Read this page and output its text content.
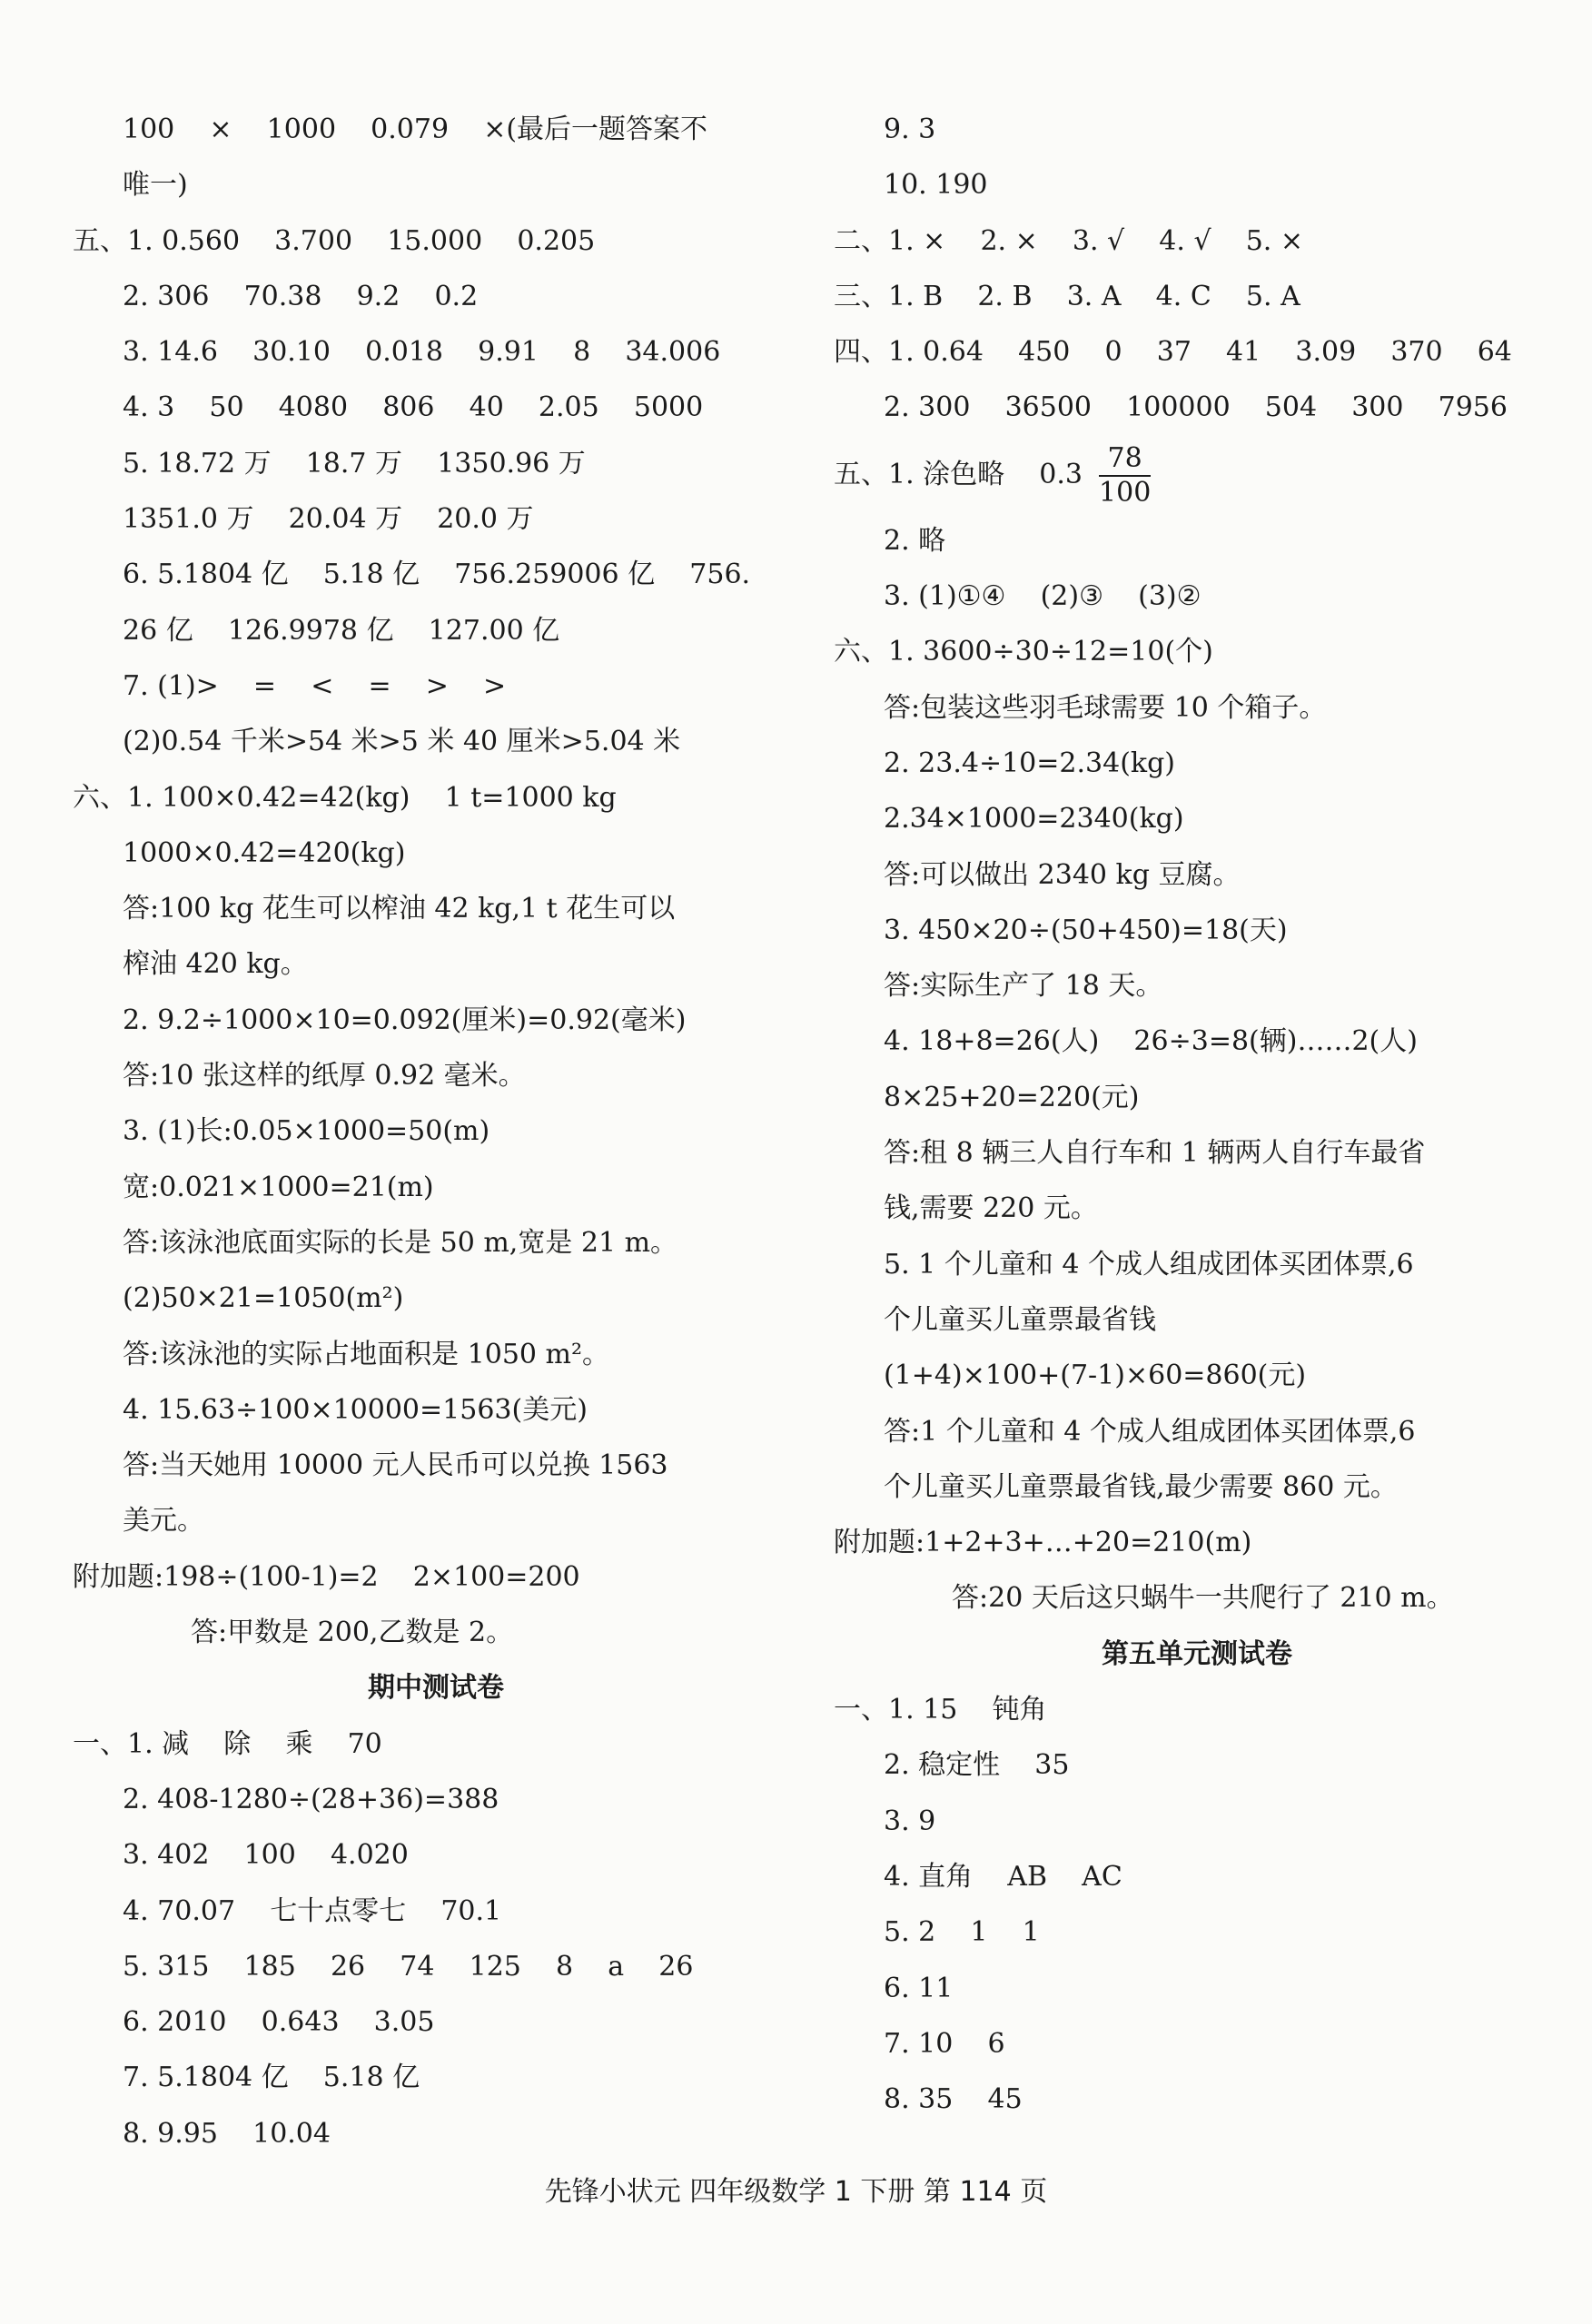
100    ×    1000    0.079    ×(最后一题答案不
唯一)
五、1. 0.560    3.700    15.000    0.205
2. 306    70.38    9.2    0.2
3. 14.6    30.10    0.018    9.91    8    34.006
4. 3    50    4080    806    40    2.05    5000
5. 18.72 万    18.7 万    1350.96 万
1351.0 万    20.04 万    20.0 万
6. 5.1804 亿    5.18 亿    756.259006 亿    756.
26 亿    126.9978 亿    127.00 亿
7. (1)>    =    <    =    >    >
(2)0.54 千米>54 米>5 米 40 厘米>5.04 米
六、1. 100×0.42=42(kg)    1 t=1000 kg
1000×0.42=420(kg)
答:100 kg 花生可以榨油 42 kg,1 t 花生可以
榨油 420 kg。
2. 9.2÷1000×10=0.092(厘米)=0.92(毫米)
答:10 张这样的纸厚 0.92 毫米。
3. (1)长:0.05×1000=50(m)
宽:0.021×1000=21(m)
答:该泳池底面实际的长是 50 m,宽是 21 m。
(2)50×21=1050(m²)
答:该泳池的实际占地面积是 1050 m²。
4. 15.63÷100×10000=1563(美元)
答:当天她用 10000 元人民币可以兑换 1563
美元。
附加题:198÷(100-1)=2    2×100=200
答:甲数是 200,乙数是 2。
期中测试卷
一、1. 减    除    乘    70
2. 408-1280÷(28+36)=388
3. 402    100    4.020
4. 70.07    七十点零七    70.1
5. 315    185    26    74    125    8    a    26
6. 2010    0.643    3.05
7. 5.1804 亿    5.18 亿
8. 9.95    10.04
9. 3
10. 190
二、1. ×    2. ×    3. √    4. √    5. ×
三、1. B    2. B    3. A    4. C    5. A
四、1. 0.64    450    0    37    41    3.09    370    64
2. 300    36500    100000    504    300    7956
五、1. 涂色略    $0.3 \frac{78}{100}$
2. 略
3. (1)①④    (2)③    (3)②
六、1. 3600÷30÷12=10(个)
答:包装这些羽毛球需要 10 个箱子。
2. 23.4÷10=2.34(kg)
2.34×1000=2340(kg)
答:可以做出 2340 kg 豆腐。
3. 450×20÷(50+450)=18(天)
答:实际生产了 18 天。
4. 18+8=26(人)    26÷3=8(辆)……2(人)
8×25+20=220(元)
答:租 8 辆三人自行车和 1 辆两人自行车最省
钱,需要 220 元。
5. 1 个儿童和 4 个成人组成团体买团体票,6
个儿童买儿童票最省钱
(1+4)×100+(7-1)×60=860(元)
答:1 个儿童和 4 个成人组成团体买团体票,6
个儿童买儿童票最省钱,最少需要 860 元。
附加题:1+2+3+…+20=210(m)
答:20 天后这只蜗牛一共爬行了 210 m。
第五单元测试卷
一、1. 15    钝角
2. 稳定性    35
3. 9
4. 直角    AB    AC
5. 2    1    1
6. 11
7. 10    6
8. 35    45
先锋小状元 四年级数学 1 下册 第 114 页
